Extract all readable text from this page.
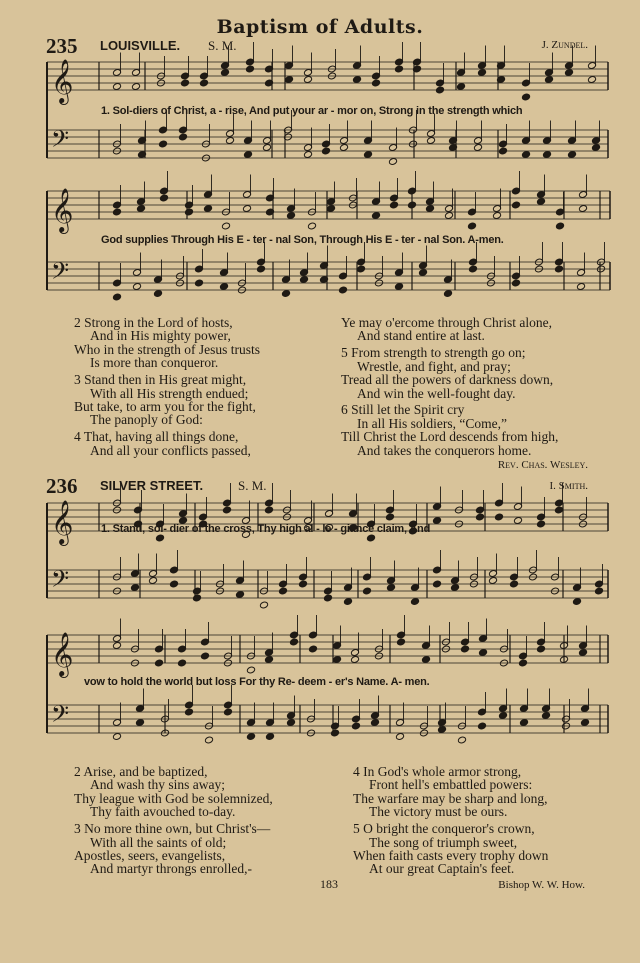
𝄞
𝄢
𝄞
𝄢
𝄞
𝄢
𝄞
𝄢
Baptism of Adults.
235 LOUISVILLE. S. M.	J. Zundel.
1. Sol-diers of Christ, a - rise, And put your ar - mor on, Strong in the strength which
God supplies Through His E - ter - nal Son, Through His E - ter - nal Son. A-men.
2 Strong in the Lord of hosts,
And in His mighty power,
Who in the strength of Jesus trusts
Is more than conqueror.
3 Stand then in His great might,
With all His strength endued;
But take, to arm you for the fight,
The panoply of God:
4 That, having all things done,
And all your conflicts passed,
Ye may o'ercome through Christ alone,
And stand entire at last.
5 From strength to strength go on;
Wrestle, and fight, and pray;
Tread all the powers of darkness down,
And win the well-fought day.
6 Still let the Spirit cry
In all His soldiers, “Come,”
Till Christ the Lord descends from high,
And takes the conquerors home.
Rev. Chas. Wesley.
236 SILVER STREET.	S. M.	I. Smith.
1. Stand, sol- dier of the cross, Thy high al - le - giance claim, And
vow to hold the world but loss For thy Re- deem - er's Name. A- men.
2 Arise, and be baptized,
And wash thy sins away;
Thy league with God be solemnized,
Thy faith avouched to-day.
3 No more thine own, but Christ's—
With all the saints of old;
Apostles, seers, evangelists,
And martyr throngs enrolled,-
4 In God's whole armor strong,
Front hell's embattled powers:
The warfare may be sharp and long,
The victory must be ours.
5 O bright the conqueror's crown,
The song of triumph sweet,
When faith casts every trophy down
At our great Captain's feet.
183	Bishop W. W. How.
